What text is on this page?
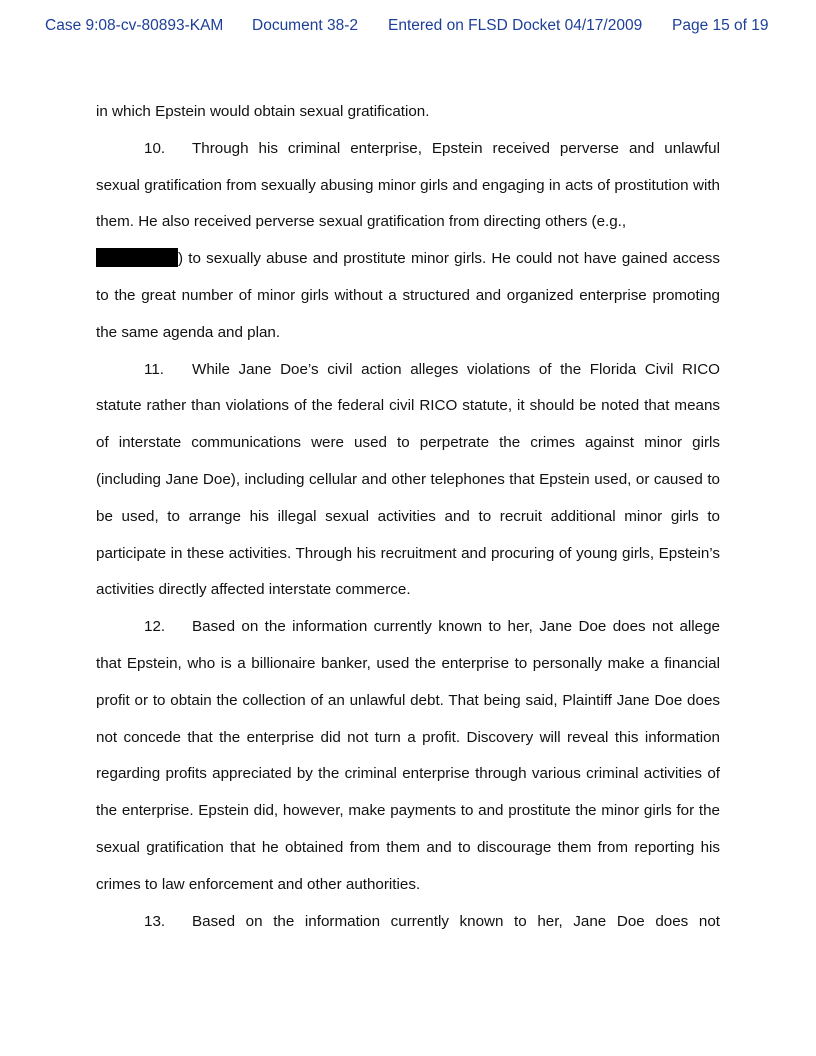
Case 9:08-cv-80893-KAM Document 38-2 Entered on FLSD Docket 04/17/2009 Page 15 of 19

in which Epstein would obtain sexual gratification.

10. Through his criminal enterprise, Epstein received perverse and unlawful sexual gratification from sexually abusing minor girls and engaging in acts of prostitution with them. He also received perverse sexual gratification from directing others (e.g.,
) to sexually abuse and prostitute minor girls. He could not have gained access to the great number of minor girls without a structured and organized enterprise promoting the same agenda and plan.

11. While Jane Doe’s civil action alleges violations of the Florida Civil RICO statute rather than violations of the federal civil RICO statute, it should be noted that means of interstate communications were used to perpetrate the crimes against minor girls (including Jane Doe), including cellular and other telephones that Epstein used, or caused to be used, to arrange his illegal sexual activities and to recruit additional minor girls to participate in these activities. Through his recruitment and procuring of young girls, Epstein’s activities directly affected interstate commerce.

12. Based on the information currently known to her, Jane Doe does not allege that Epstein, who is a billionaire banker, used the enterprise to personally make a financial profit or to obtain the collection of an unlawful debt. That being said, Plaintiff Jane Doe does not concede that the enterprise did not turn a profit. Discovery will reveal this information regarding profits appreciated by the criminal enterprise through various criminal activities of the enterprise. Epstein did, however, make payments to and prostitute the minor girls for the sexual gratification that he obtained from them and to discourage them from reporting his crimes to law enforcement and other authorities.

13. Based on the information currently known to her, Jane Doe does not
